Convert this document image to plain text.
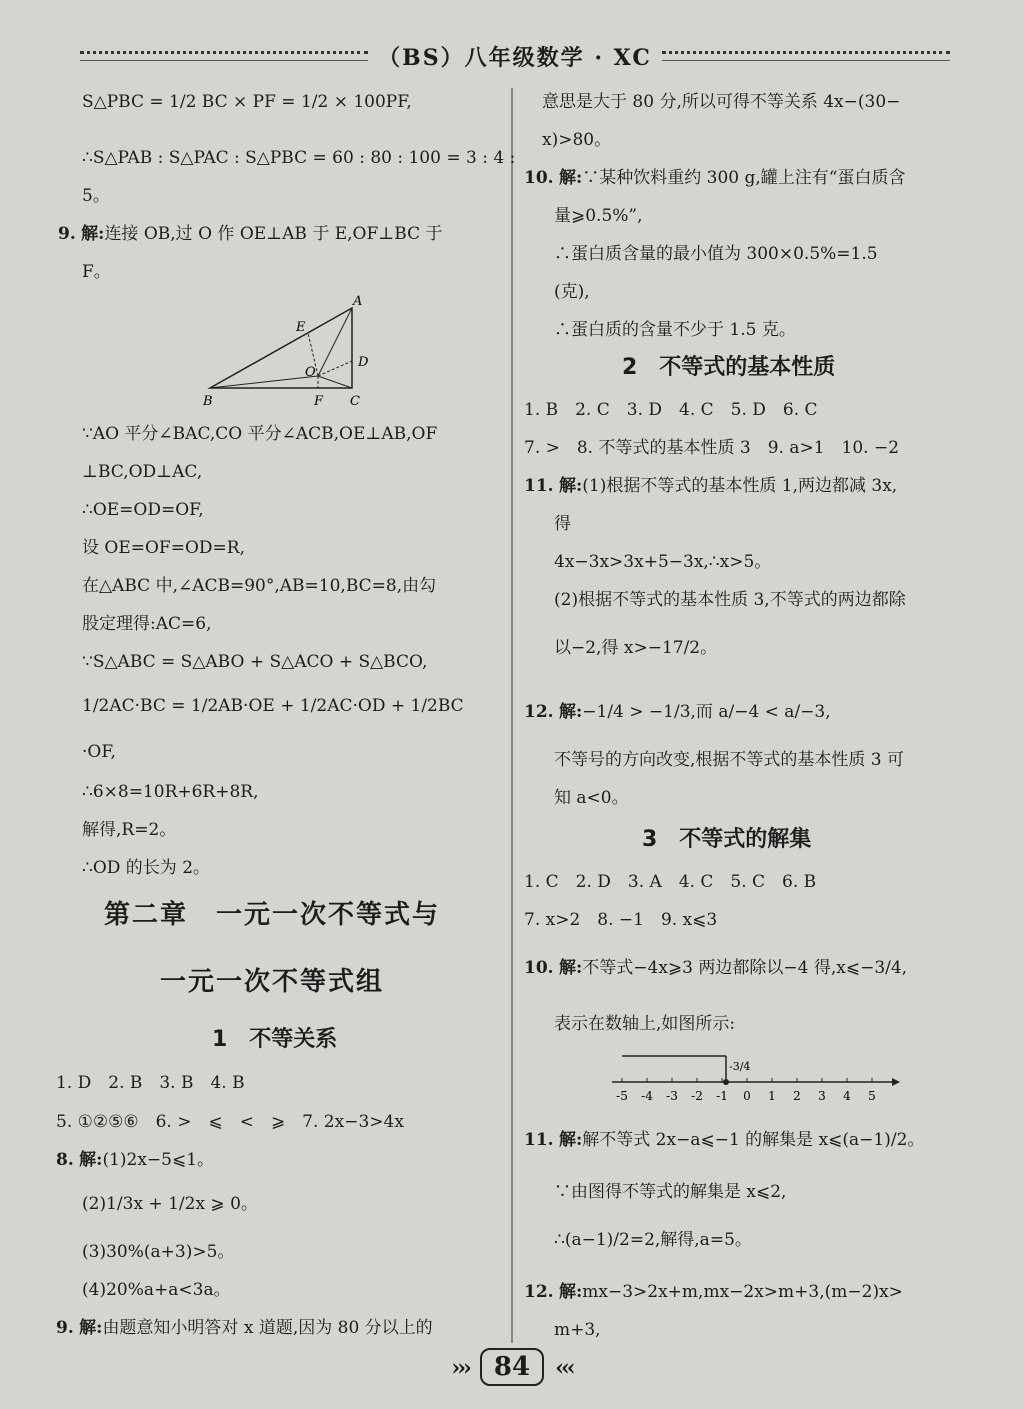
（BS）八年级数学 · XC
S△PBC = 1/2 BC × PF = 1/2 × 100PF,
∴S△PAB : S△PAC : S△PBC = 60 : 80 : 100 = 3 : 4 :
5。
9. 解:连接 OB,过 O 作 OE⊥AB 于 E,OF⊥BC 于
F。
A
E
D
O
B	F C
∵AO 平分∠BAC,CO 平分∠ACB,OE⊥AB,OF
⊥BC,OD⊥AC,
∴OE=OD=OF,
设 OE=OF=OD=R,
在△ABC 中,∠ACB=90°,AB=10,BC=8,由勾
股定理得:AC=6,
∵S△ABC = S△ABO + S△ACO + S△BCO,
1/2AC·BC = 1/2AB·OE + 1/2AC·OD + 1/2BC
·OF,
∴6×8=10R+6R+8R,
解得,R=2。
∴OD 的长为 2。
第二章　一元一次不等式与
一元一次不等式组
1　不等关系
1. D　2. B　3. B　4. B
5. ①②⑤⑥　6. >　⩽　<　⩾　7. 2x−3>4x
8. 解:(1)2x−5⩽1。
(2)1/3x + 1/2x ⩾ 0。
(3)30%(a+3)>5。
(4)20%a+a<3a。
9. 解:由题意知小明答对 x 道题,因为 80 分以上的
意思是大于 80 分,所以可得不等关系 4x−(30−
x)>80。
10. 解:∵某种饮料重约 300 g,罐上注有“蛋白质含
量⩾0.5%”,
∴蛋白质含量的最小值为 300×0.5%=1.5
(克),
∴蛋白质的含量不少于 1.5 克。
2　不等式的基本性质
1. B　2. C　3. D　4. C　5. D　6. C
7. >　8. 不等式的基本性质 3　9. a>1　10. −2
11. 解:(1)根据不等式的基本性质 1,两边都减 3x,
得
4x−3x>3x+5−3x,∴x>5。
(2)根据不等式的基本性质 3,不等式的两边都除
以−2,得 x>−17/2。
12. 解:−1/4 > −1/3,而 a/−4 < a/−3,
不等号的方向改变,根据不等式的基本性质 3 可
知 a<0。
3　不等式的解集
1. C　2. D　3. A　4. C　5. C　6. B
7. x>2　8. −1　9. x⩽3
10. 解:不等式−4x⩾3 两边都除以−4 得,x⩽−3/4,
表示在数轴上,如图所示:
-5 -4 -3 -2 -1 0 1 2 3 4 5
-3/4
11. 解:解不等式 2x−a⩽−1 的解集是 x⩽(a−1)/2。
∵由图得不等式的解集是 x⩽2,
∴(a−1)/2=2,解得,a=5。
12. 解:mx−3>2x+m,mx−2x>m+3,(m−2)x>
m+3,
››› 84 ‹‹‹
